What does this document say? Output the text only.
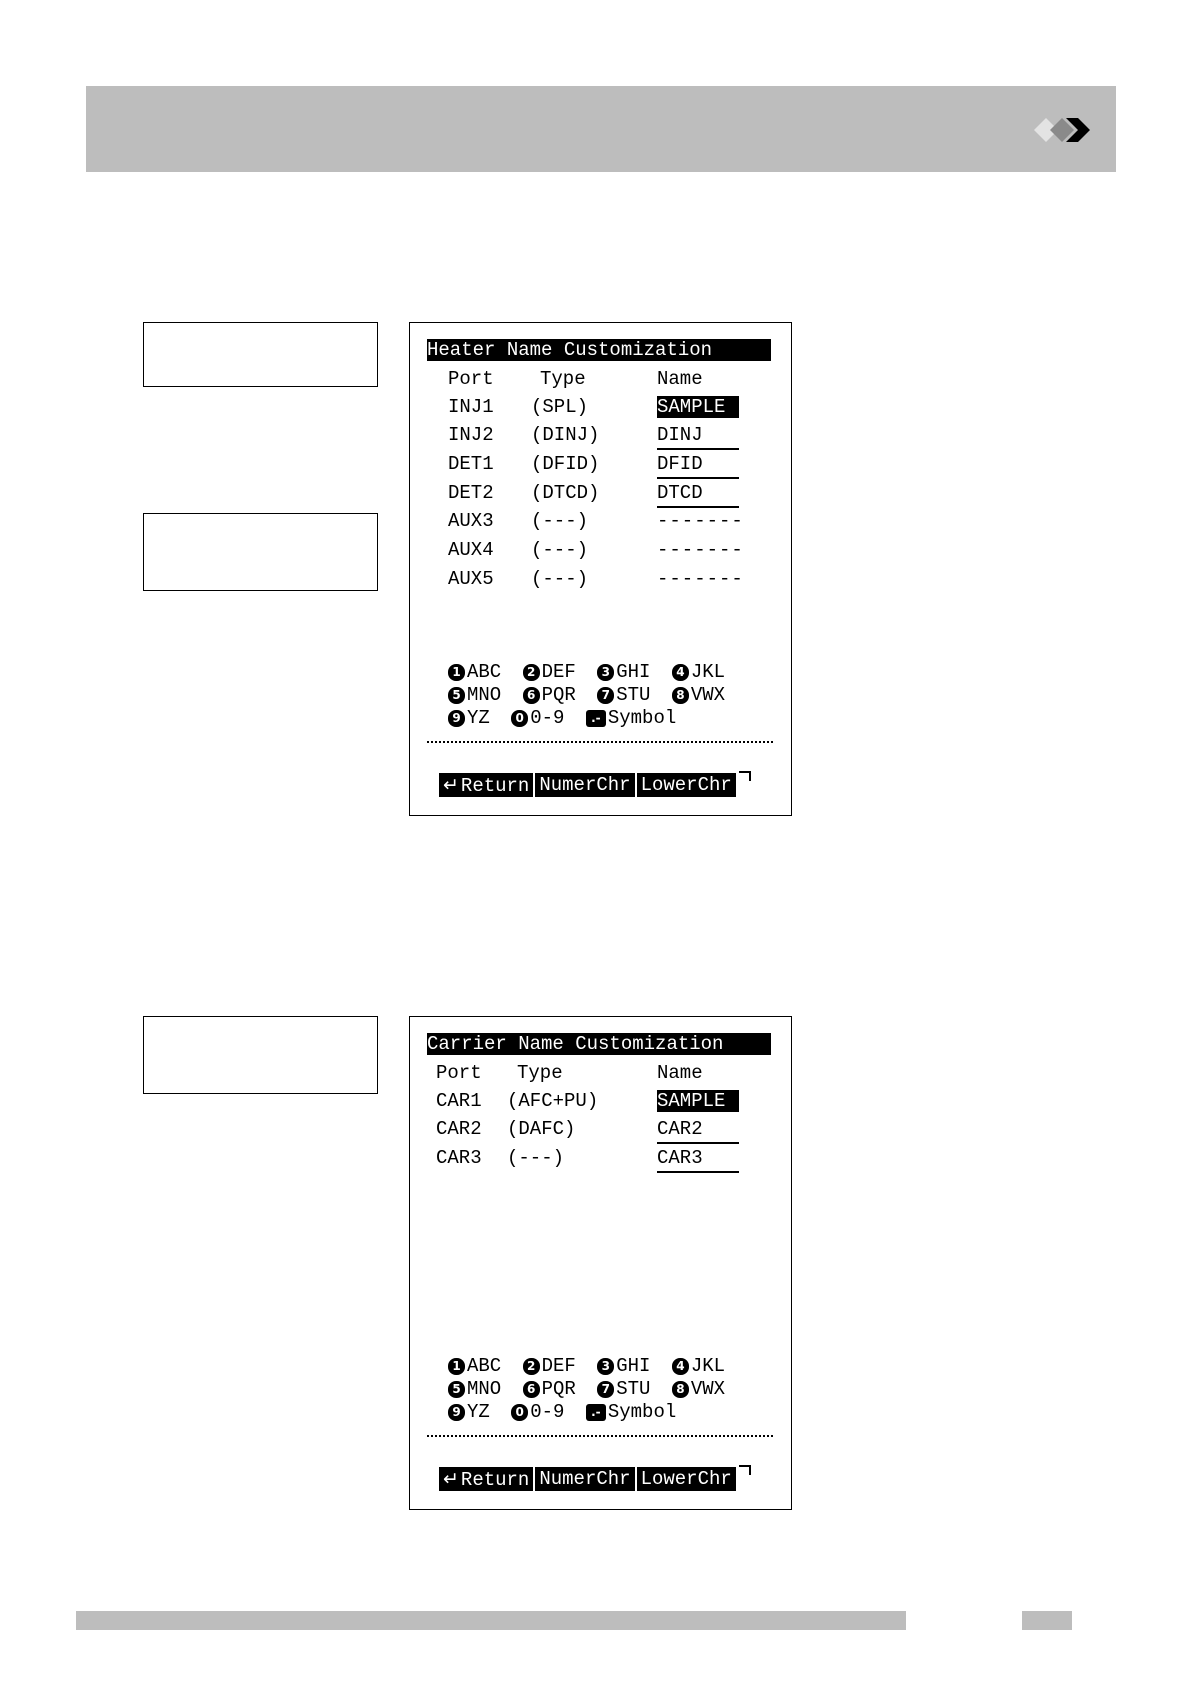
Heater Name Customization
Port Type	Name
INJ1 (SPL)	SAMPLE
INJ2 (DINJ)	DINJ
DET1 (DFID)	DFID
DET2 (DTCD)	DTCD
AUX3 (---)	-------
AUX4 (---)	-------
AUX5 (---)	-------
1 ABC 2 DEF 3 GHI 4 JKL
5 MNO 6 PQR 7 STU 8 VWX
9 YZ 0 0-9 .- Symbol
↵ Return NumerChr LowerChr
Carrier Name Customization
Port Type	Name
CAR1 (AFC+PU)	SAMPLE
CAR2 (DAFC)	CAR2
CAR3 (---)	CAR3
1 ABC 2 DEF 3 GHI 4 JKL
5 MNO 6 PQR 7 STU 8 VWX
9 YZ 0 0-9 .- Symbol
↵ Return NumerChr LowerChr
